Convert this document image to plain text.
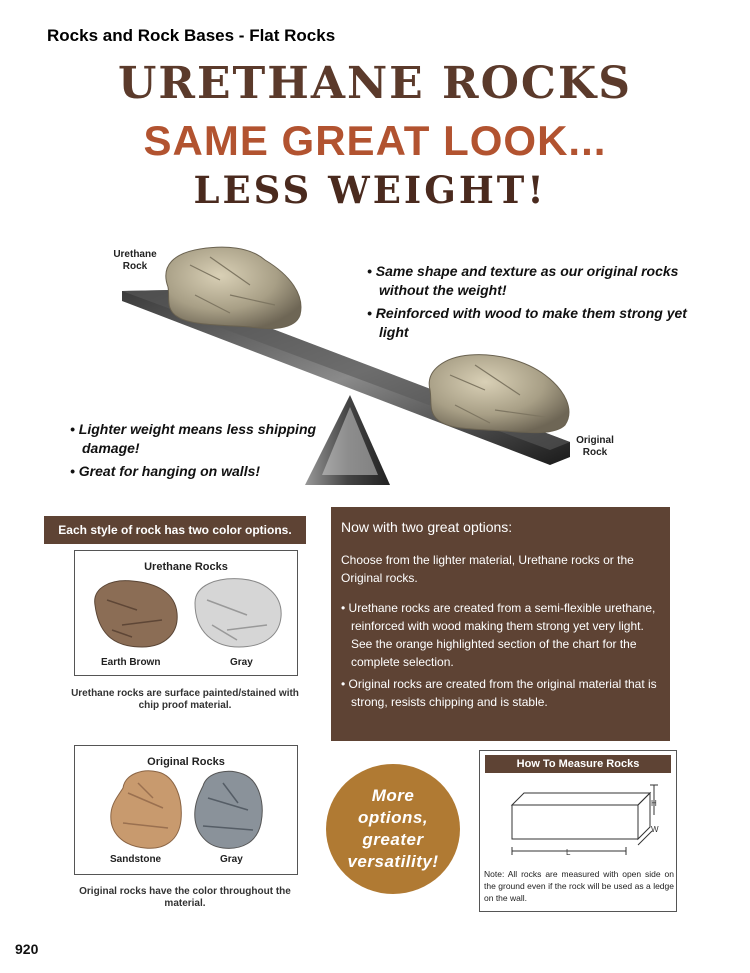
Rocks and Rock Bases - Flat Rocks
URETHANE ROCKS
SAME GREAT LOOK...
LESS WEIGHT!
Urethane Rock
Original Rock
• Same shape and texture as our original rocks without the weight!
• Reinforced with wood to make them strong yet light
• Lighter weight means less shipping damage!
• Great for hanging on walls!
Each style of rock has two color options.
Urethane Rocks
Earth Brown	Gray
Urethane rocks are surface painted/stained with chip proof material.
Original Rocks
Sandstone	Gray
Original rocks have the color throughout the material.
Now with two great options:
Choose from the lighter material, Urethane rocks or the Original rocks.
• Urethane rocks are created from a semi-flexible urethane, reinforced with wood making them strong yet very light. See the orange highlighted section of the chart for the complete selection.
• Original rocks are created from the original material that is strong, resists chipping and is stable.
More options, greater versatility!
How To Measure Rocks
H
W
L
Note: All rocks are measured with open side on the ground even if the rock will be used as a ledge on the wall.
920
